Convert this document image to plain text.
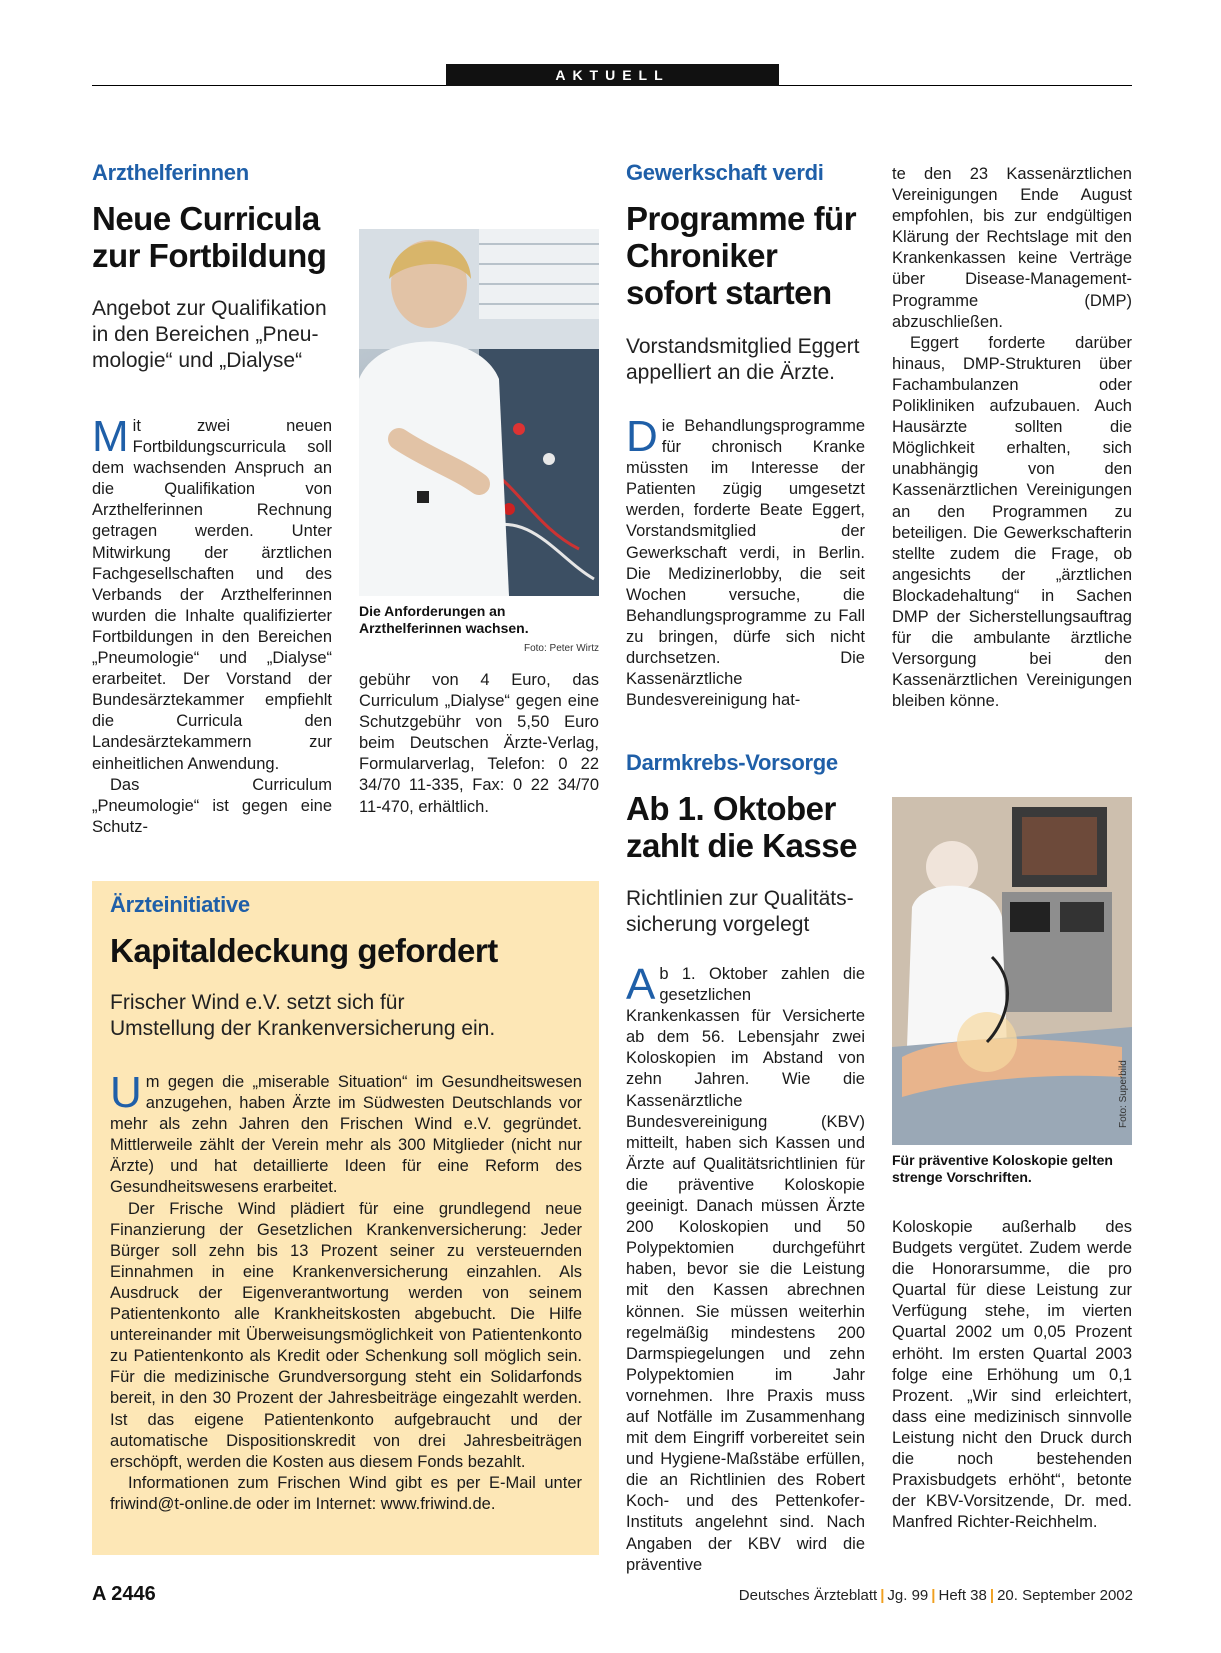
AKTUELL
Arzthelferinnen
Neue Curricula
zur Fortbildung
Angebot zur Qualifikation
in den Bereichen „Pneu-
mologie“ und „Dialyse“

Mit zwei neuen Fortbildungscurricula soll dem wachsenden Anspruch an die Qualifikation von Arzthelferinnen Rechnung getragen werden. Unter Mitwirkung der ärztlichen Fachgesellschaften und des Verbands der Arzthelferinnen wurden die Inhalte qualifizierter Fortbildungen in den Bereichen „Pneumologie“ und „Dialyse“ erarbeitet. Der Vorstand der Bundesärztekammer empfiehlt die Curricula den Landesärztekammern zur einheitlichen Anwendung.

Das Curriculum „Pneumologie“ ist gegen eine Schutz-

Die Anforderungen an Arzthelferinnen wachsen.
Foto: Peter Wirtz

gebühr von 4 Euro, das Curriculum „Dialyse“ gegen eine Schutzgebühr von 5,50 Euro beim Deutschen Ärzte-Verlag, Formularverlag, Telefon: 0 22 34/70 11-335, Fax: 0 22 34/70 11-470, erhältlich.

Gewerkschaft verdi
Programme für
Chroniker
sofort starten
Vorstandsmitglied Eggert
appelliert an die Ärzte.

Die Behandlungsprogramme für chronisch Kranke müssten im Interesse der Patienten zügig umgesetzt werden, forderte Beate Eggert, Vorstandsmitglied der Gewerkschaft verdi, in Berlin. Die Medizinerlobby, die seit Wochen versuche, die Behandlungsprogramme zu Fall zu bringen, dürfe sich nicht durchsetzen. Die Kassenärztliche Bundesvereinigung hat-

te den 23 Kassenärztlichen Vereinigungen Ende August empfohlen, bis zur endgültigen Klärung der Rechtslage mit den Krankenkassen keine Verträge über Disease-Management-Programme (DMP) abzuschließen.

Eggert forderte darüber hinaus, DMP-Strukturen über Fachambulanzen oder Polikliniken aufzubauen. Auch Hausärzte sollten die Möglichkeit erhalten, sich unabhängig von den Kassenärztlichen Vereinigungen an den Programmen zu beteiligen. Die Gewerkschafterin stellte zudem die Frage, ob angesichts der „ärztlichen Blockadehaltung“ in Sachen DMP der Sicherstellungsauftrag für die ambulante ärztliche Versorgung bei den Kassenärztlichen Vereinigungen bleiben könne.

Ärzteinitiative
Kapitaldeckung gefordert
Frischer Wind e.V. setzt sich für
Umstellung der Krankenversicherung ein.

Um gegen die „miserable Situation“ im Gesundheitswesen anzugehen, haben Ärzte im Südwesten Deutschlands vor mehr als zehn Jahren den Frischen Wind e.V. gegründet. Mittlerweile zählt der Verein mehr als 300 Mitglieder (nicht nur Ärzte) und hat detaillierte Ideen für eine Reform des Gesundheitswesens erarbeitet.

Der Frische Wind plädiert für eine grundlegend neue Finanzierung der Gesetzlichen Krankenversicherung: Jeder Bürger soll zehn bis 13 Prozent seiner zu versteuernden Einnahmen in eine Krankenversicherung einzahlen. Als Ausdruck der Eigenverantwortung werden von seinem Patientenkonto alle Krankheitskosten abgebucht. Die Hilfe untereinander mit Überweisungsmöglichkeit von Patientenkonto zu Patientenkonto als Kredit oder Schenkung soll möglich sein. Für die medizinische Grundversorgung steht ein Solidarfonds bereit, in den 30 Prozent der Jahresbeiträge eingezahlt werden. Ist das eigene Patientenkonto aufgebraucht und der automatische Dispositionskredit von drei Jahresbeiträgen erschöpft, werden die Kosten aus diesem Fonds bezahlt.

Informationen zum Frischen Wind gibt es per E-Mail unter friwind@t-online.de oder im Internet: www.friwind.de.

Darmkrebs-Vorsorge
Ab 1. Oktober
zahlt die Kasse
Richtlinien zur Qualitäts-
sicherung vorgelegt

Ab 1. Oktober zahlen die gesetzlichen Krankenkassen für Versicherte ab dem 56. Lebensjahr zwei Koloskopien im Abstand von zehn Jahren. Wie die Kassenärztliche Bundesvereinigung (KBV) mitteilt, haben sich Kassen und Ärzte auf Qualitätsrichtlinien für die präventive Koloskopie geeinigt. Danach müssen Ärzte 200 Koloskopien und 50 Polypektomien durchgeführt haben, bevor sie die Leistung mit den Kassen abrechnen können. Sie müssen weiterhin regelmäßig mindestens 200 Darmspiegelungen und zehn Polypektomien im Jahr vornehmen. Ihre Praxis muss auf Notfälle im Zusammenhang mit dem Eingriff vorbereitet sein und Hygiene-Maßstäbe erfüllen, die an Richtlinien des Robert Koch- und des Pettenkofer-Instituts angelehnt sind. Nach Angaben der KBV wird die präventive

Foto: Superbild
Für präventive Koloskopie gelten strenge Vorschriften.

Koloskopie außerhalb des Budgets vergütet. Zudem werde die Honorarsumme, die pro Quartal für diese Leistung zur Verfügung stehe, im vierten Quartal 2002 um 0,05 Prozent erhöht. Im ersten Quartal 2003 folge eine Erhöhung um 0,1 Prozent. „Wir sind erleichtert, dass eine medizinisch sinnvolle Leistung nicht den Druck durch die noch bestehenden Praxisbudgets erhöht“, betonte der KBV-Vorsitzende, Dr. med. Manfred Richter-Reichhelm.

A 2446	Deutsches Ärzteblatt | Jg. 99 | Heft 38 | 20. September 2002
